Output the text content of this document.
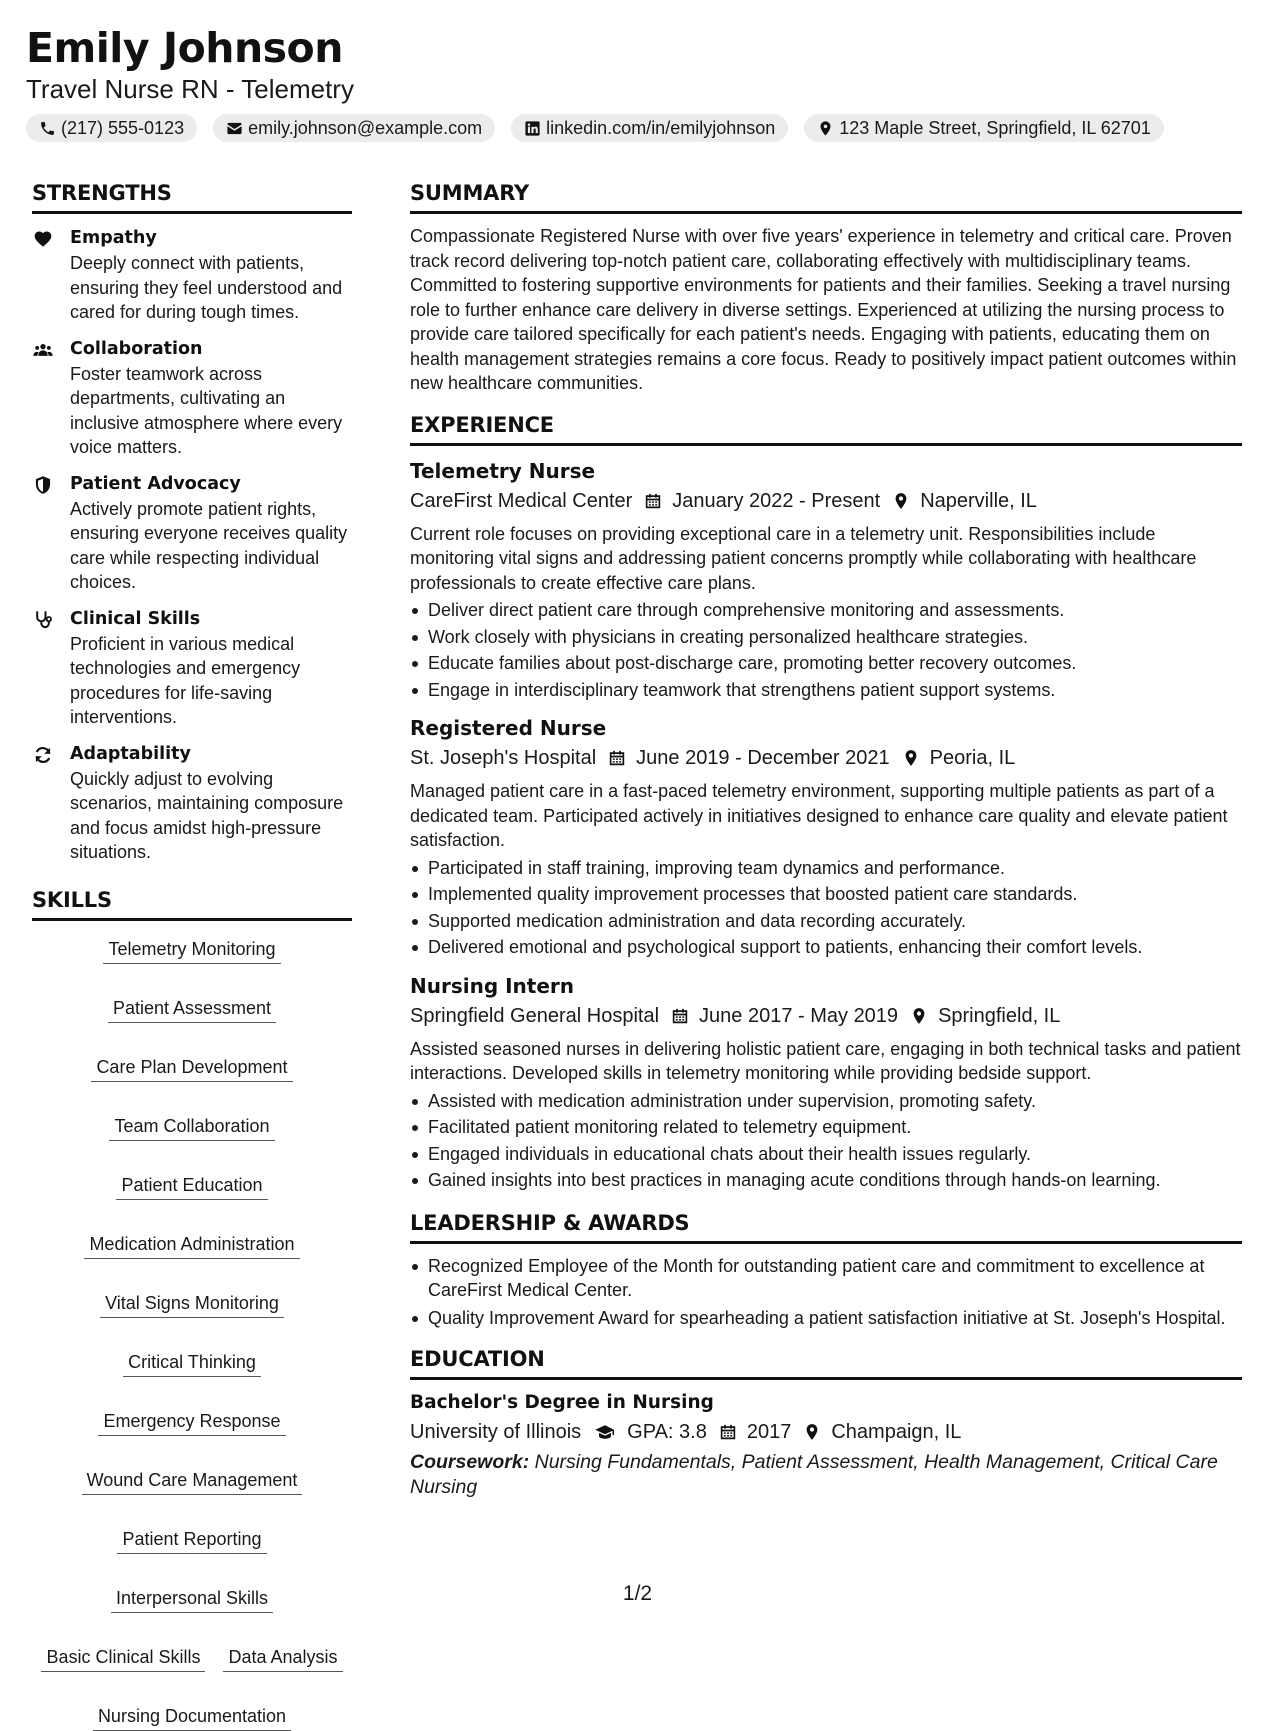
Emily Johnson
Travel Nurse RN - Telemetry
(217) 555-0123	emily.johnson@example.com	linkedin.com/in/emilyjohnson	123 Maple Street, Springfield, IL 62701
STRENGTHS
Empathy
Deeply connect with patients, ensuring they feel understood and cared for during tough times.
Collaboration
Foster teamwork across departments, cultivating an inclusive atmosphere where every voice matters.
Patient Advocacy
Actively promote patient rights, ensuring everyone receives quality care while respecting individual choices.
Clinical Skills
Proficient in various medical technologies and emergency procedures for life-saving interventions.
Adaptability
Quickly adjust to evolving scenarios, maintaining composure and focus amidst high-pressure situations.
SKILLS
Telemetry Monitoring
Patient Assessment
Care Plan Development
Team Collaboration
Patient Education
Medication Administration
Vital Signs Monitoring
Critical Thinking
Emergency Response
Wound Care Management
Patient Reporting
Interpersonal Skills
Basic Clinical Skills Data Analysis
Nursing Documentation
SUMMARY
Compassionate Registered Nurse with over five years' experience in telemetry and critical care. Proven track record delivering top-notch patient care, collaborating effectively with multidisciplinary teams. Committed to fostering supportive environments for patients and their families. Seeking a travel nursing role to further enhance care delivery in diverse settings. Experienced at utilizing the nursing process to provide care tailored specifically for each patient's needs. Engaging with patients, educating them on health management strategies remains a core focus. Ready to positively impact patient outcomes within new healthcare communities.
EXPERIENCE
Telemetry Nurse
CareFirst Medical Center January 2022 - Present Naperville, IL
Current role focuses on providing exceptional care in a telemetry unit. Responsibilities include monitoring vital signs and addressing patient concerns promptly while collaborating with healthcare professionals to create effective care plans.
Deliver direct patient care through comprehensive monitoring and assessments.
Work closely with physicians in creating personalized healthcare strategies.
Educate families about post-discharge care, promoting better recovery outcomes.
Engage in interdisciplinary teamwork that strengthens patient support systems.
Registered Nurse
St. Joseph's Hospital June 2019 - December 2021 Peoria, IL
Managed patient care in a fast-paced telemetry environment, supporting multiple patients as part of a dedicated team. Participated actively in initiatives designed to enhance care quality and elevate patient satisfaction.
Participated in staff training, improving team dynamics and performance.
Implemented quality improvement processes that boosted patient care standards.
Supported medication administration and data recording accurately.
Delivered emotional and psychological support to patients, enhancing their comfort levels.
Nursing Intern
Springfield General Hospital June 2017 - May 2019 Springfield, IL
Assisted seasoned nurses in delivering holistic patient care, engaging in both technical tasks and patient interactions. Developed skills in telemetry monitoring while providing bedside support.
Assisted with medication administration under supervision, promoting safety.
Facilitated patient monitoring related to telemetry equipment.
Engaged individuals in educational chats about their health issues regularly.
Gained insights into best practices in managing acute conditions through hands-on learning.
LEADERSHIP & AWARDS
Recognized Employee of the Month for outstanding patient care and commitment to excellence at CareFirst Medical Center.
Quality Improvement Award for spearheading a patient satisfaction initiative at St. Joseph's Hospital.
EDUCATION
Bachelor's Degree in Nursing
University of Illinois GPA: 3.8 2017 Champaign, IL
Coursework: Nursing Fundamentals, Patient Assessment, Health Management, Critical Care Nursing
1/2
